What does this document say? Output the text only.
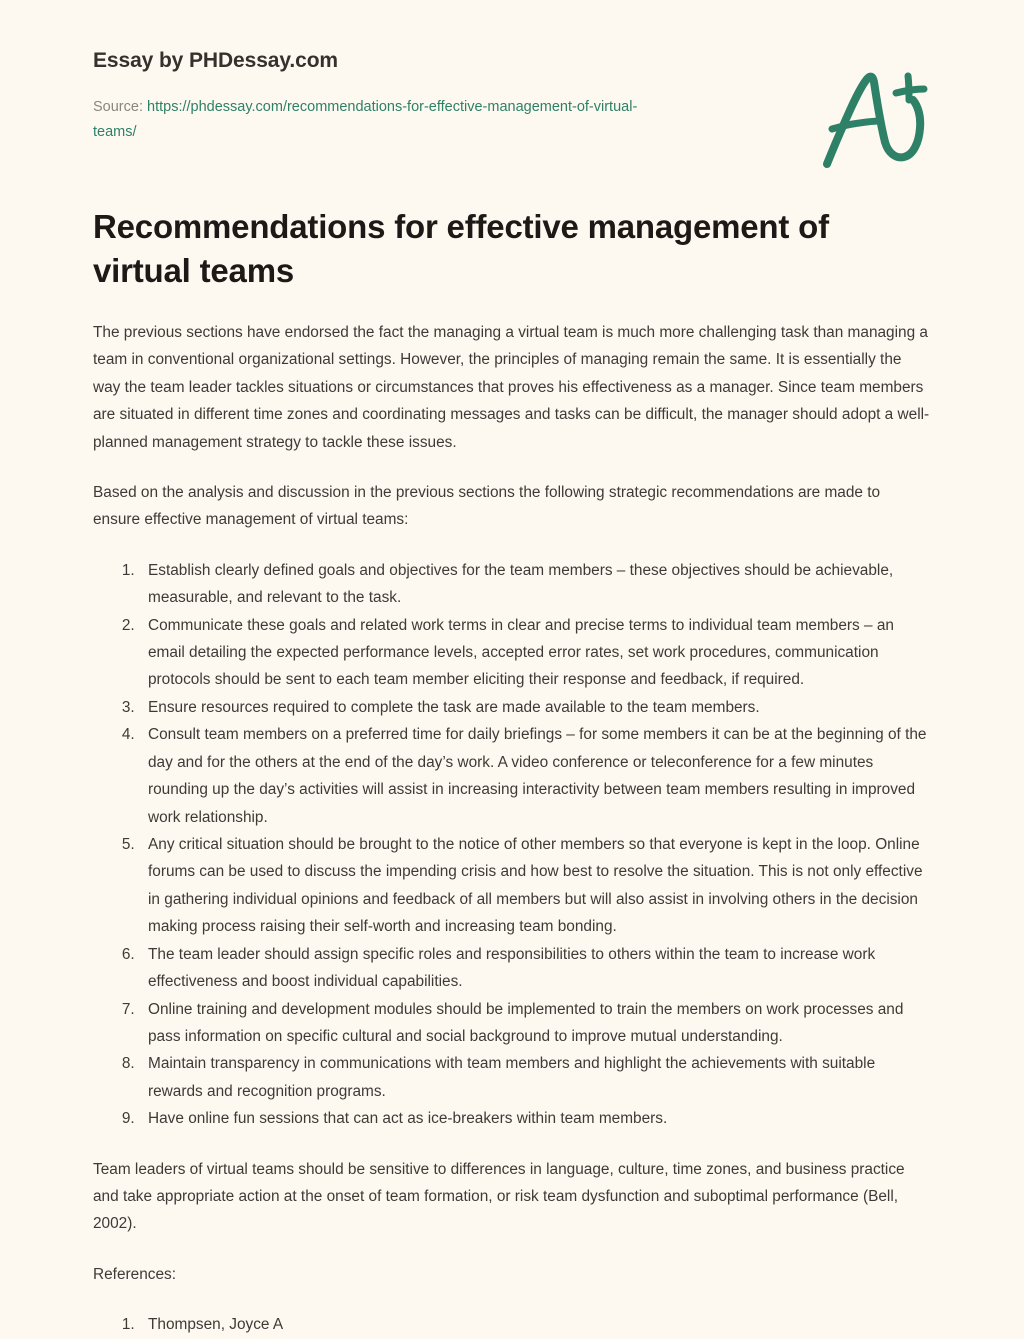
Essay by PHDessay.com
Source: https://phdessay.com/recommendations-for-effective-management-of-virtual-teams/
Recommendations for effective management of virtual teams

The previous sections have endorsed the fact the managing a virtual team is much more challenging task than managing a team in conventional organizational settings. However, the principles of managing remain the same. It is essentially the way the team leader tackles situations or circumstances that proves his effectiveness as a manager. Since team members are situated in different time zones and coordinating messages and tasks can be difficult, the manager should adopt a well-planned management strategy to tackle these issues.

Based on the analysis and discussion in the previous sections the following strategic recommendations are made to ensure effective management of virtual teams:

1. Establish clearly defined goals and objectives for the team members – these objectives should be achievable, measurable, and relevant to the task.
2. Communicate these goals and related work terms in clear and precise terms to individual team members – an email detailing the expected performance levels, accepted error rates, set work procedures, communication protocols should be sent to each team member eliciting their response and feedback, if required.
3. Ensure resources required to complete the task are made available to the team members.
4. Consult team members on a preferred time for daily briefings – for some members it can be at the beginning of the day and for the others at the end of the day’s work. A video conference or teleconference for a few minutes rounding up the day’s activities will assist in increasing interactivity between team members resulting in improved work relationship.
5. Any critical situation should be brought to the notice of other members so that everyone is kept in the loop. Online forums can be used to discuss the impending crisis and how best to resolve the situation. This is not only effective in gathering individual opinions and feedback of all members but will also assist in involving others in the decision making process raising their self-worth and increasing team bonding.
6. The team leader should assign specific roles and responsibilities to others within the team to increase work effectiveness and boost individual capabilities.
7. Online training and development modules should be implemented to train the members on work processes and pass information on specific cultural and social background to improve mutual understanding.
8. Maintain transparency in communications with team members and highlight the achievements with suitable rewards and recognition programs.
9. Have online fun sessions that can act as ice-breakers within team members.

Team leaders of virtual teams should be sensitive to differences in language, culture, time zones, and business practice and take appropriate action at the onset of team formation, or risk team dysfunction and suboptimal performance (Bell, 2002).

References:

1. Thompsen, Joyce A
